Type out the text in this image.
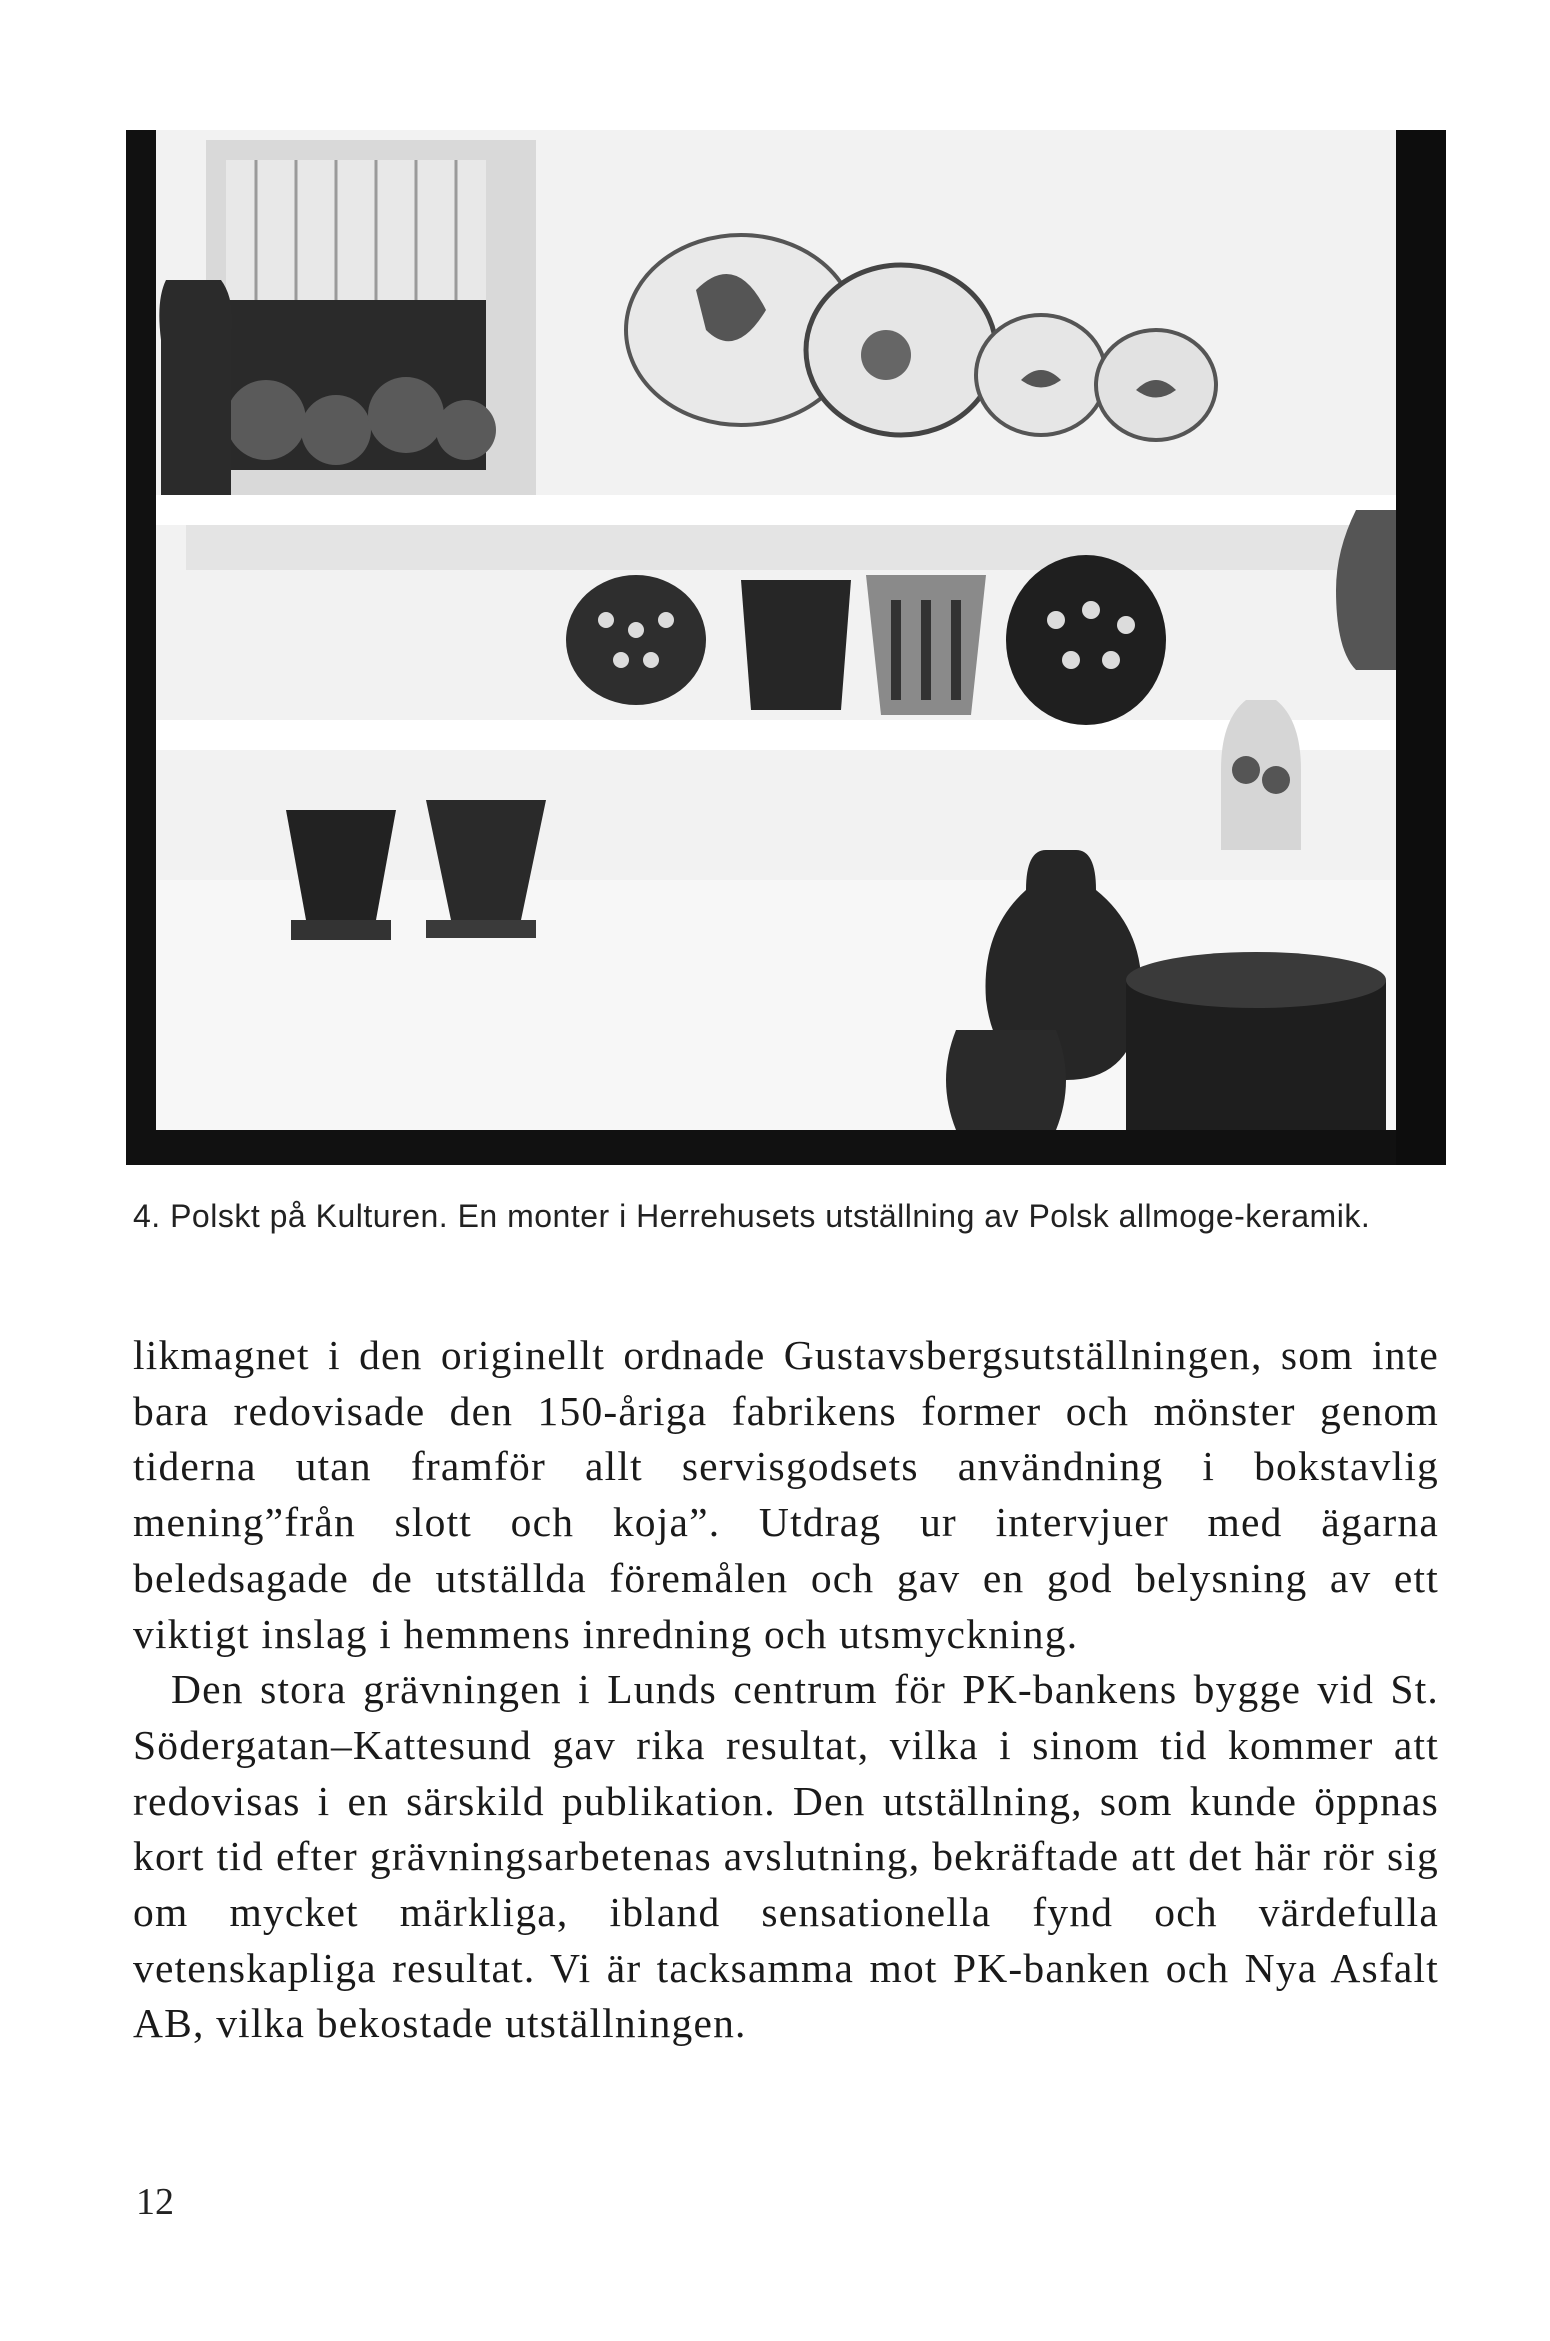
4. Polskt på Kulturen. En monter i Herrehusets utställning av Polsk allmoge-keramik.

likmagnet i den originellt ordnade Gustavsbergsutställningen, som inte bara redovisade den 150-åriga fabrikens former och mönster genom tiderna utan framför allt servisgodsets användning i bokstavlig mening”från slott och koja”. Utdrag ur intervjuer med ägarna beledsagade de utställda föremålen och gav en god belysning av ett viktigt inslag i hemmens inredning och utsmyckning.

Den stora grävningen i Lunds centrum för PK-bankens bygge vid St. Södergatan–Kattesund gav rika resultat, vilka i sinom tid kommer att redovisas i en särskild publikation. Den utställning, som kunde öppnas kort tid efter grävningsarbetenas avslutning, bekräftade att det här rör sig om mycket märkliga, ibland sensationella fynd och värdefulla vetenskapliga resultat. Vi är tacksamma mot PK-banken och Nya Asfalt AB, vilka bekostade utställningen.

12
